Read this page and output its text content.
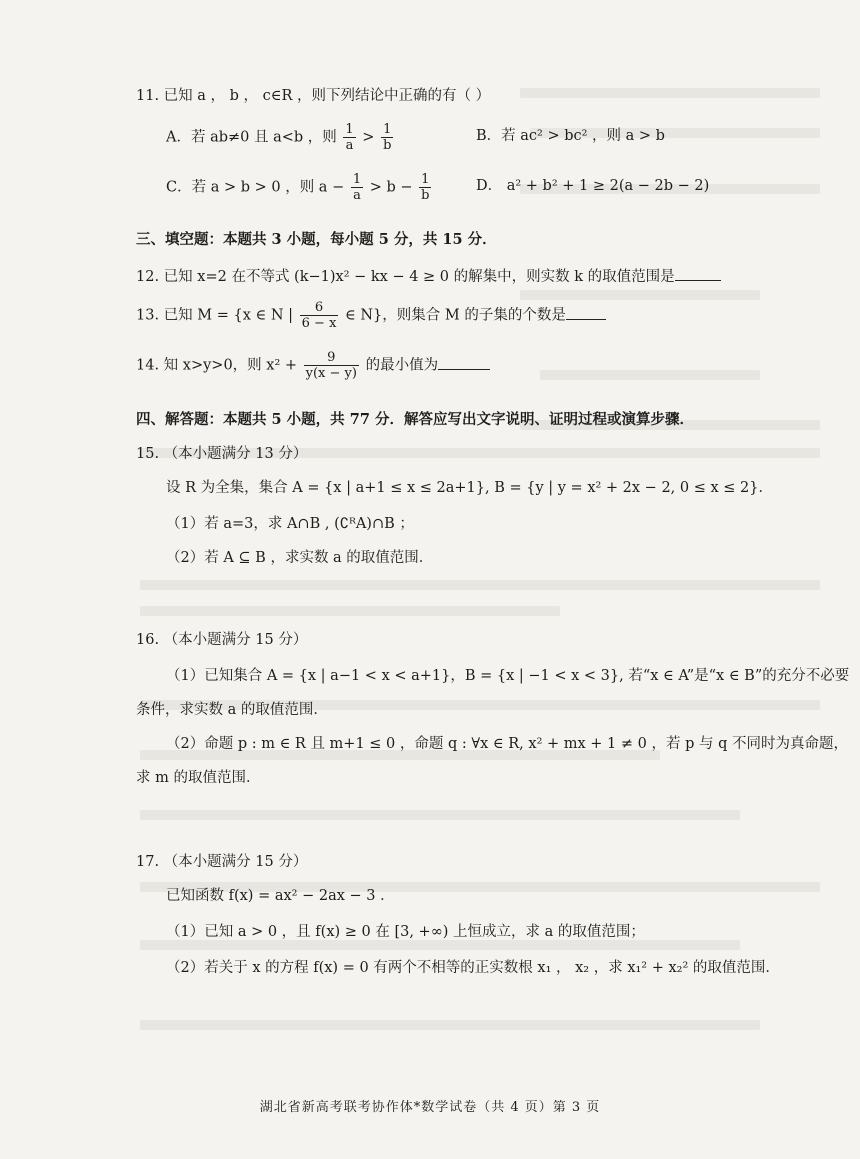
11. 已知 a ， b ， c∈R ，则下列结论中正确的有（ ）
A．若 ab≠0 且 a<b ，则 $\frac{1}{a} > \frac{1}{b}$	B．若 ac² > bc² ，则 a > b
C．若 a > b > 0 ，则 $a - \frac{1}{a} > b - \frac{1}{b}$	D． a² + b² + 1 ≥ 2(a − 2b − 2)
三、填空题：本题共 3 小题，每小题 5 分，共 15 分．
12. 已知 x=2 在不等式 (k−1)x² − kx − 4 ≥ 0 的解集中，则实数 k 的取值范围是
13. 已知 M = {x ∈ N | $\frac{6}{6 - x}$ ∈ N}，则集合 M 的子集的个数是
14. 知 x>y>0，则 $x^2 + \frac{9}{y(x - y)}$ 的最小值为
四、解答题：本题共 5 小题，共 77 分．解答应写出文字说明、证明过程或演算步骤．
15. （本小题满分 13 分）
设 R 为全集，集合 A = {x | a+1 ≤ x ≤ 2a+1}, B = {y | y = x² + 2x − 2, 0 ≤ x ≤ 2}．
（1）若 a=3，求 A∩B , (∁ᴿA)∩B ；
（2）若 A ⊆ B ，求实数 a 的取值范围．
16. （本小题满分 15 分）
（1）已知集合 A = {x | a−1 < x < a+1}，B = {x | −1 < x < 3}, 若“x ∈ A”是“x ∈ B”的充分不必要
条件，求实数 a 的取值范围．
（2）命题 p : m ∈ R 且 m+1 ≤ 0 ，命题 q : ∀x ∈ R, x² + mx + 1 ≠ 0 ，若 p 与 q 不同时为真命题，
求 m 的取值范围．
17. （本小题满分 15 分）
已知函数 f(x) = ax² − 2ax − 3 ．
（1）已知 a > 0 ，且 f(x) ≥ 0 在 [3, +∞) 上恒成立，求 a 的取值范围；
（2）若关于 x 的方程 f(x) = 0 有两个不相等的正实数根 x₁ ， x₂ ，求 x₁² + x₂² 的取值范围．
湖北省新高考联考协作体*数学试卷（共 4 页）第 3 页
